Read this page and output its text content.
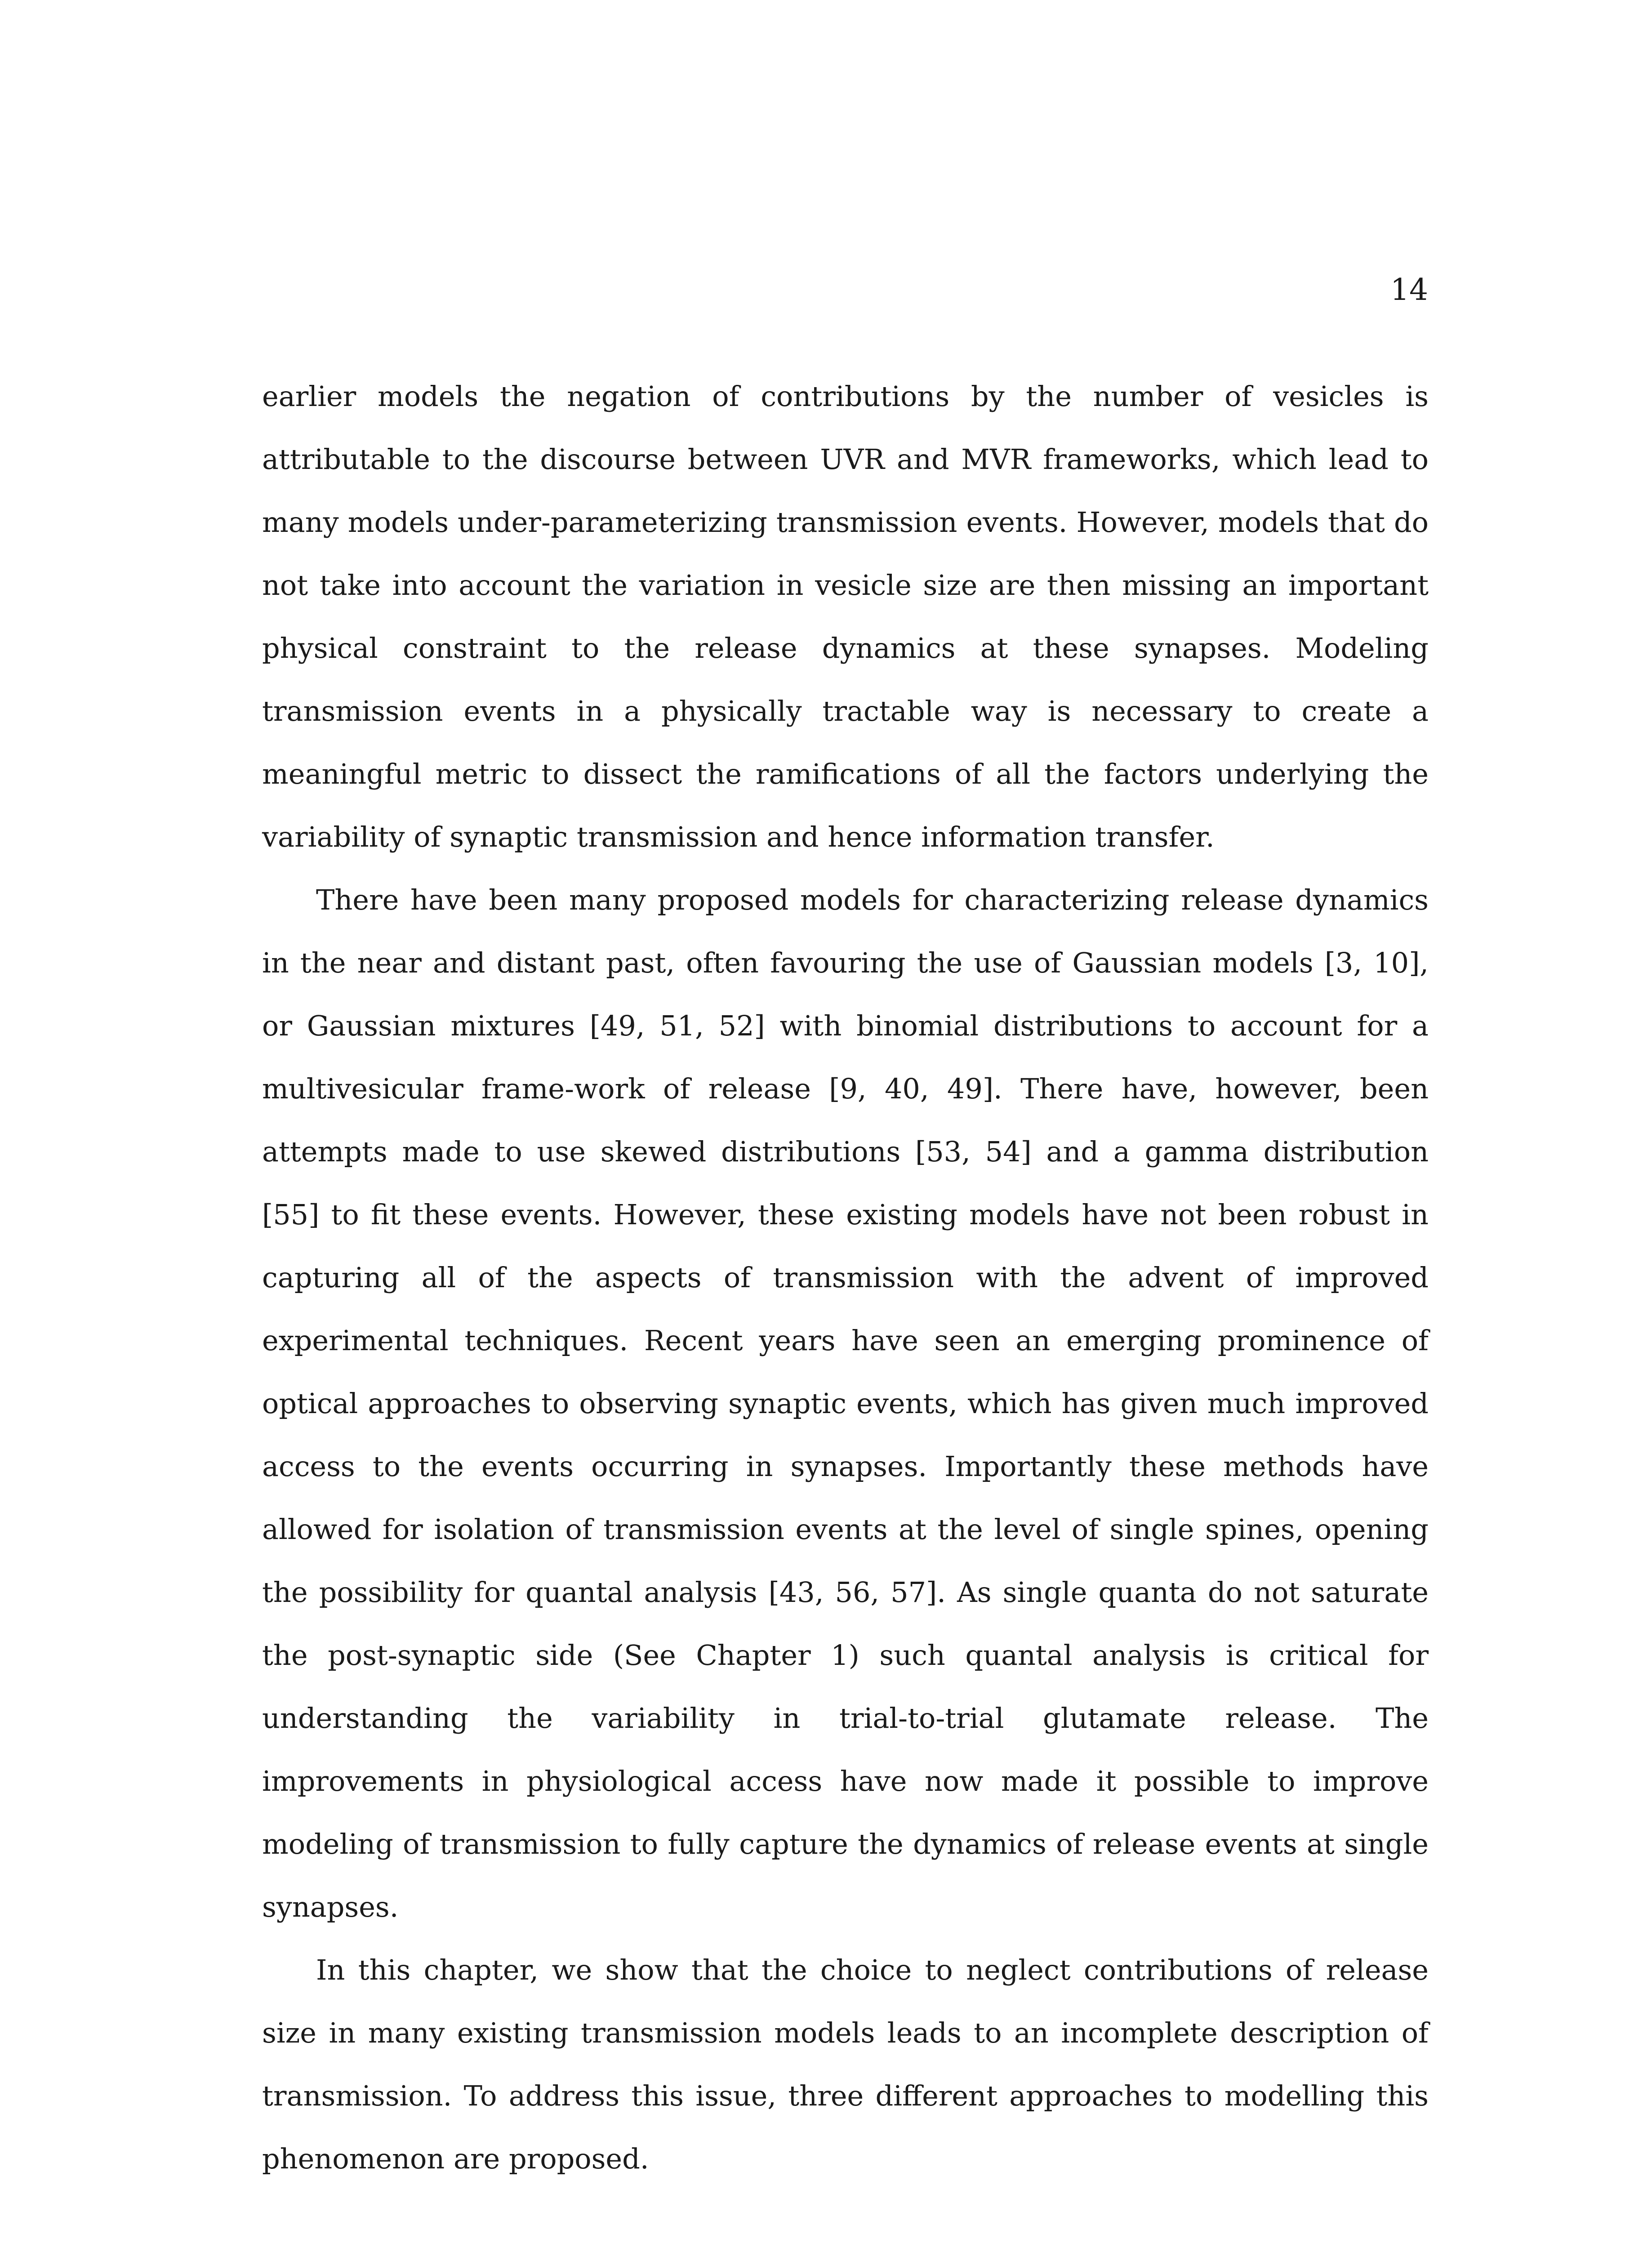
14

earlier models the negation of contributions by the number of vesicles is attributable to the discourse between UVR and MVR frameworks, which lead to many models under-parameterizing transmission events. However, models that do not take into account the variation in vesicle size are then missing an important physical constraint to the release dynamics at these synapses. Modeling transmission events in a physically tractable way is necessary to create a meaningful metric to dissect the ramifications of all the factors underlying the variability of synaptic transmission and hence information transfer.

There have been many proposed models for characterizing release dynamics in the near and distant past, often favouring the use of Gaussian models [3, 10], or Gaussian mixtures [49, 51, 52] with binomial distributions to account for a multivesicular frame-work of release [9, 40, 49]. There have, however, been attempts made to use skewed distributions [53, 54] and a gamma distribution [55] to fit these events. However, these existing models have not been robust in capturing all of the aspects of transmission with the advent of improved experimental techniques. Recent years have seen an emerging prominence of optical approaches to observing synaptic events, which has given much improved access to the events occurring in synapses. Importantly these methods have allowed for isolation of transmission events at the level of single spines, opening the possibility for quantal analysis [43, 56, 57]. As single quanta do not saturate the post-synaptic side (See Chapter 1) such quantal analysis is critical for understanding the variability in trial-to-trial glutamate release. The improvements in physiological access have now made it possible to improve modeling of transmission to fully capture the dynamics of release events at single synapses.

In this chapter, we show that the choice to neglect contributions of release size in many existing transmission models leads to an incomplete description of transmission. To address this issue, three different approaches to modelling this phenomenon are proposed.
